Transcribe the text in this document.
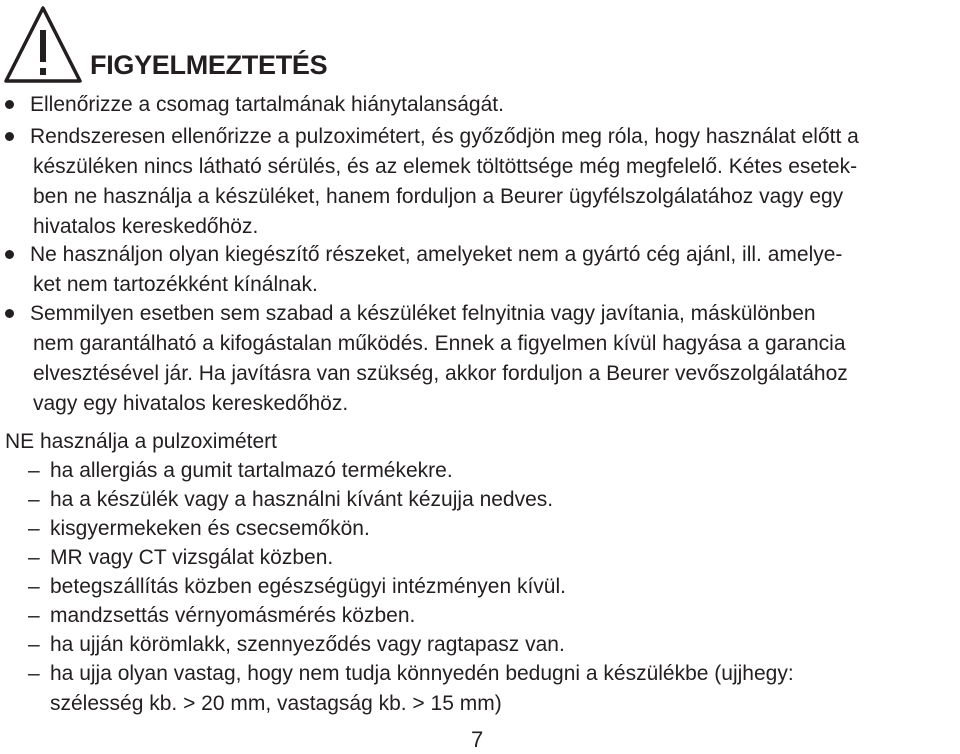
FIGYELMEZTETÉS
Ellenőrizze a csomag tartalmának hiánytalanságát.
Rendszeresen ellenőrizze a pulzoximétert, és győződjön meg róla, hogy használat előtt a
készüléken nincs látható sérülés, és az elemek töltöttsége még megfelelő. Kétes esetek-
ben ne használja a készüléket, hanem forduljon a Beurer ügyfélszolgálatához vagy egy
hivatalos kereskedőhöz.
Ne használjon olyan kiegészítő részeket, amelyeket nem a gyártó cég ajánl, ill. amelye-
ket nem tartozékként kínálnak.
Semmilyen esetben sem szabad a készüléket felnyitnia vagy javítania, máskülönben
nem garantálható a kifogástalan működés. Ennek a figyelmen kívül hagyása a garancia
elvesztésével jár. Ha javításra van szükség, akkor forduljon a Beurer vevőszolgálatához
vagy egy hivatalos kereskedőhöz.
NE használja a pulzoximétert
– ha allergiás a gumit tartalmazó termékekre.
– ha a készülék vagy a használni kívánt kézujja nedves.
– kisgyermekeken és csecsemőkön.
– MR vagy CT vizsgálat közben.
– betegszállítás közben egészségügyi intézményen kívül.
– mandzsettás vérnyomásmérés közben.
– ha ujján körömlakk, szennyeződés vagy ragtapasz van.
– ha ujja olyan vastag, hogy nem tudja könnyedén bedugni a készülékbe (ujjhegy:
szélesség kb. > 20 mm, vastagság kb. > 15 mm)
7
